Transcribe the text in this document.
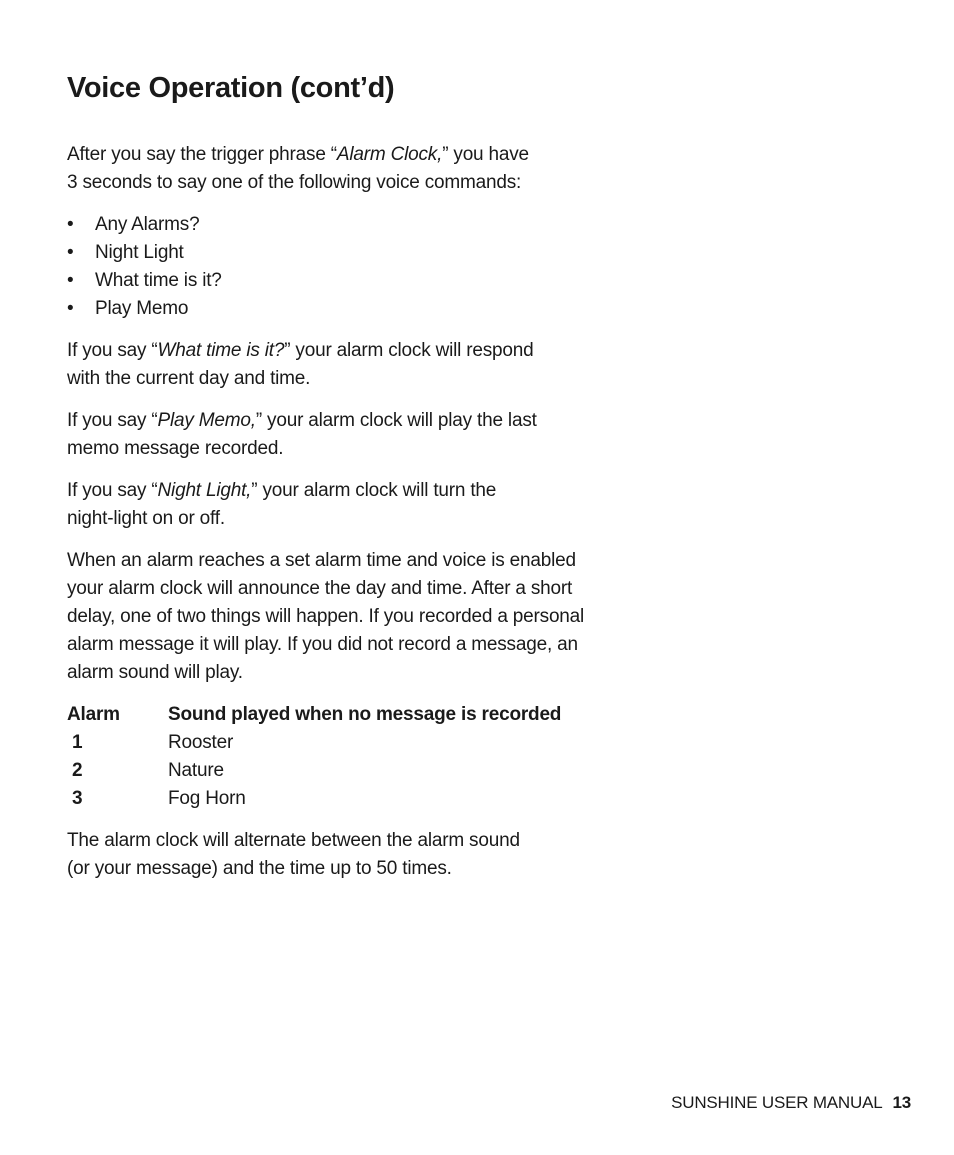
Voice Operation (cont’d)

After you say the trigger phrase “Alarm Clock,” you have
3 seconds to say one of the following voice commands:

•	Any Alarms?
•	Night Light
•	What time is it?
•	Play Memo

If you say “What time is it?” your alarm clock will respond
with the current day and time.

If you say “Play Memo,” your alarm clock will play the last
memo message recorded.

If you say “Night Light,” your alarm clock will turn the
night-light on or off.

When an alarm reaches a set alarm time and voice is enabled
your alarm clock will announce the day and time. After a short
delay, one of two things will happen. If you recorded a personal
alarm message it will play. If you did not record a message, an
alarm sound will play.

Alarm	Sound played when no message is recorded
1	Rooster
2	Nature
3	Fog Horn

The alarm clock will alternate between the alarm sound
(or your message) and the time up to 50 times.

SUNSHINE USER MANUAL 13
